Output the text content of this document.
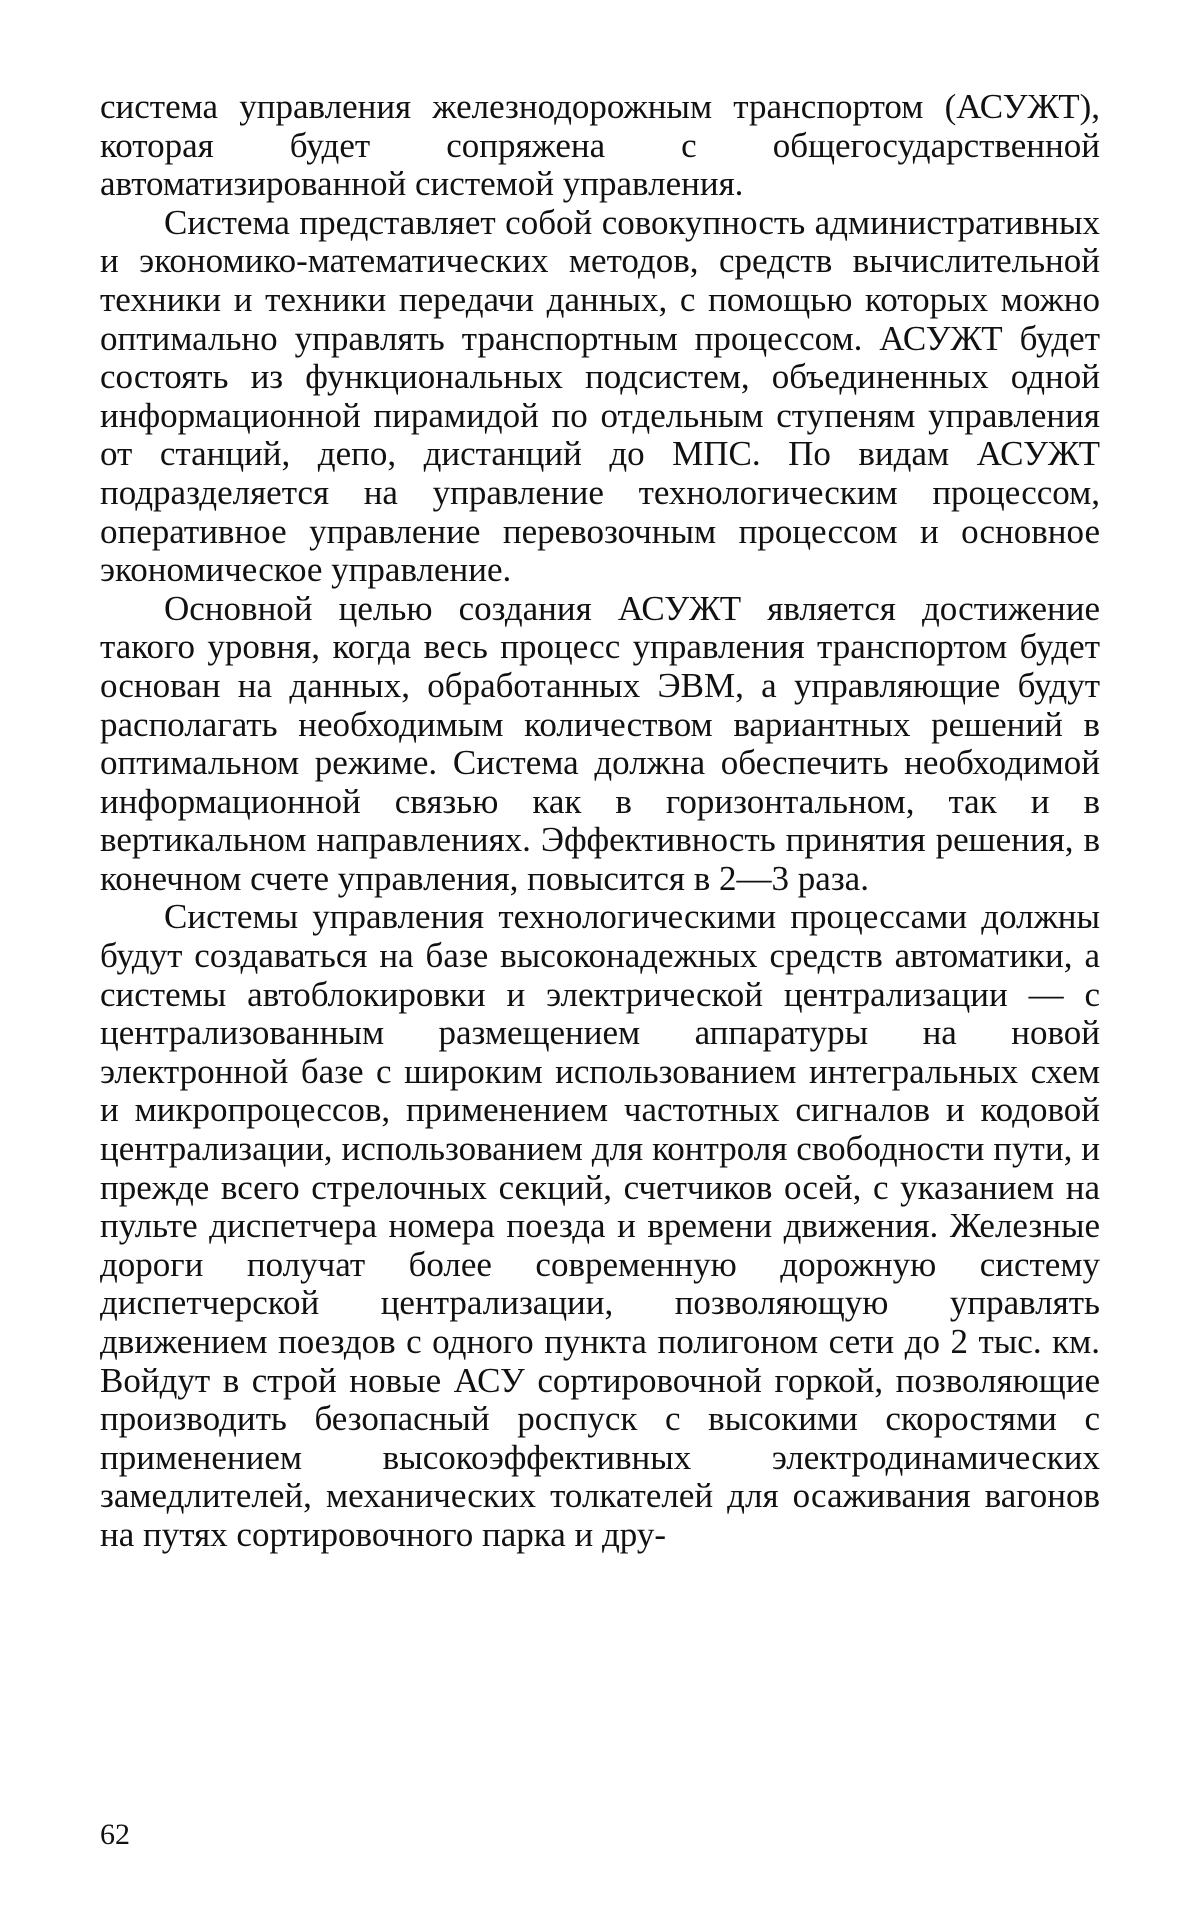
система управления железнодорожным транспортом (АСУЖТ), которая будет сопряжена с общегосударственной автоматизированной системой управления.

Система представляет собой совокупность административных и экономико-математических методов, средств вычислительной техники и техники передачи данных, с помощью которых можно оптимально управлять транспортным процессом. АСУЖТ будет состоять из функциональных подсистем, объединенных одной информационной пирамидой по отдельным ступеням управления от станций, депо, дистанций до МПС. По видам АСУЖТ подразделяется на управление технологическим процессом, оперативное управление перевозочным процессом и основное экономическое управление.

Основной целью создания АСУЖТ является достижение такого уровня, когда весь процесс управления транспортом будет основан на данных, обработанных ЭВМ, а управляющие будут располагать необходимым количеством вариантных решений в оптимальном режиме. Система должна обеспечить необходимой информационной связью как в горизонтальном, так и в вертикальном направлениях. Эффективность принятия решения, в конечном счете управления, повысится в 2—3 раза.

Системы управления технологическими процессами должны будут создаваться на базе высоконадежных средств автоматики, а системы автоблокировки и электрической централизации — с централизованным размещением аппаратуры на новой электронной базе с широким использованием интегральных схем и микропроцессов, применением частотных сигналов и кодовой централизации, использованием для контроля свободности пути, и прежде всего стрелочных секций, счетчиков осей, с указанием на пульте диспетчера номера поезда и времени движения. Железные дороги получат более современную дорожную систему диспетчерской централизации, позволяющую управлять движением поездов с одного пункта полигоном сети до 2 тыс. км. Войдут в строй новые АСУ сортировочной горкой, позволяющие производить безопасный роспуск с высокими скоростями с применением высокоэффективных электродинамических замедлителей, механических толкателей для осаживания вагонов на путях сортировочного парка и дру-

62
